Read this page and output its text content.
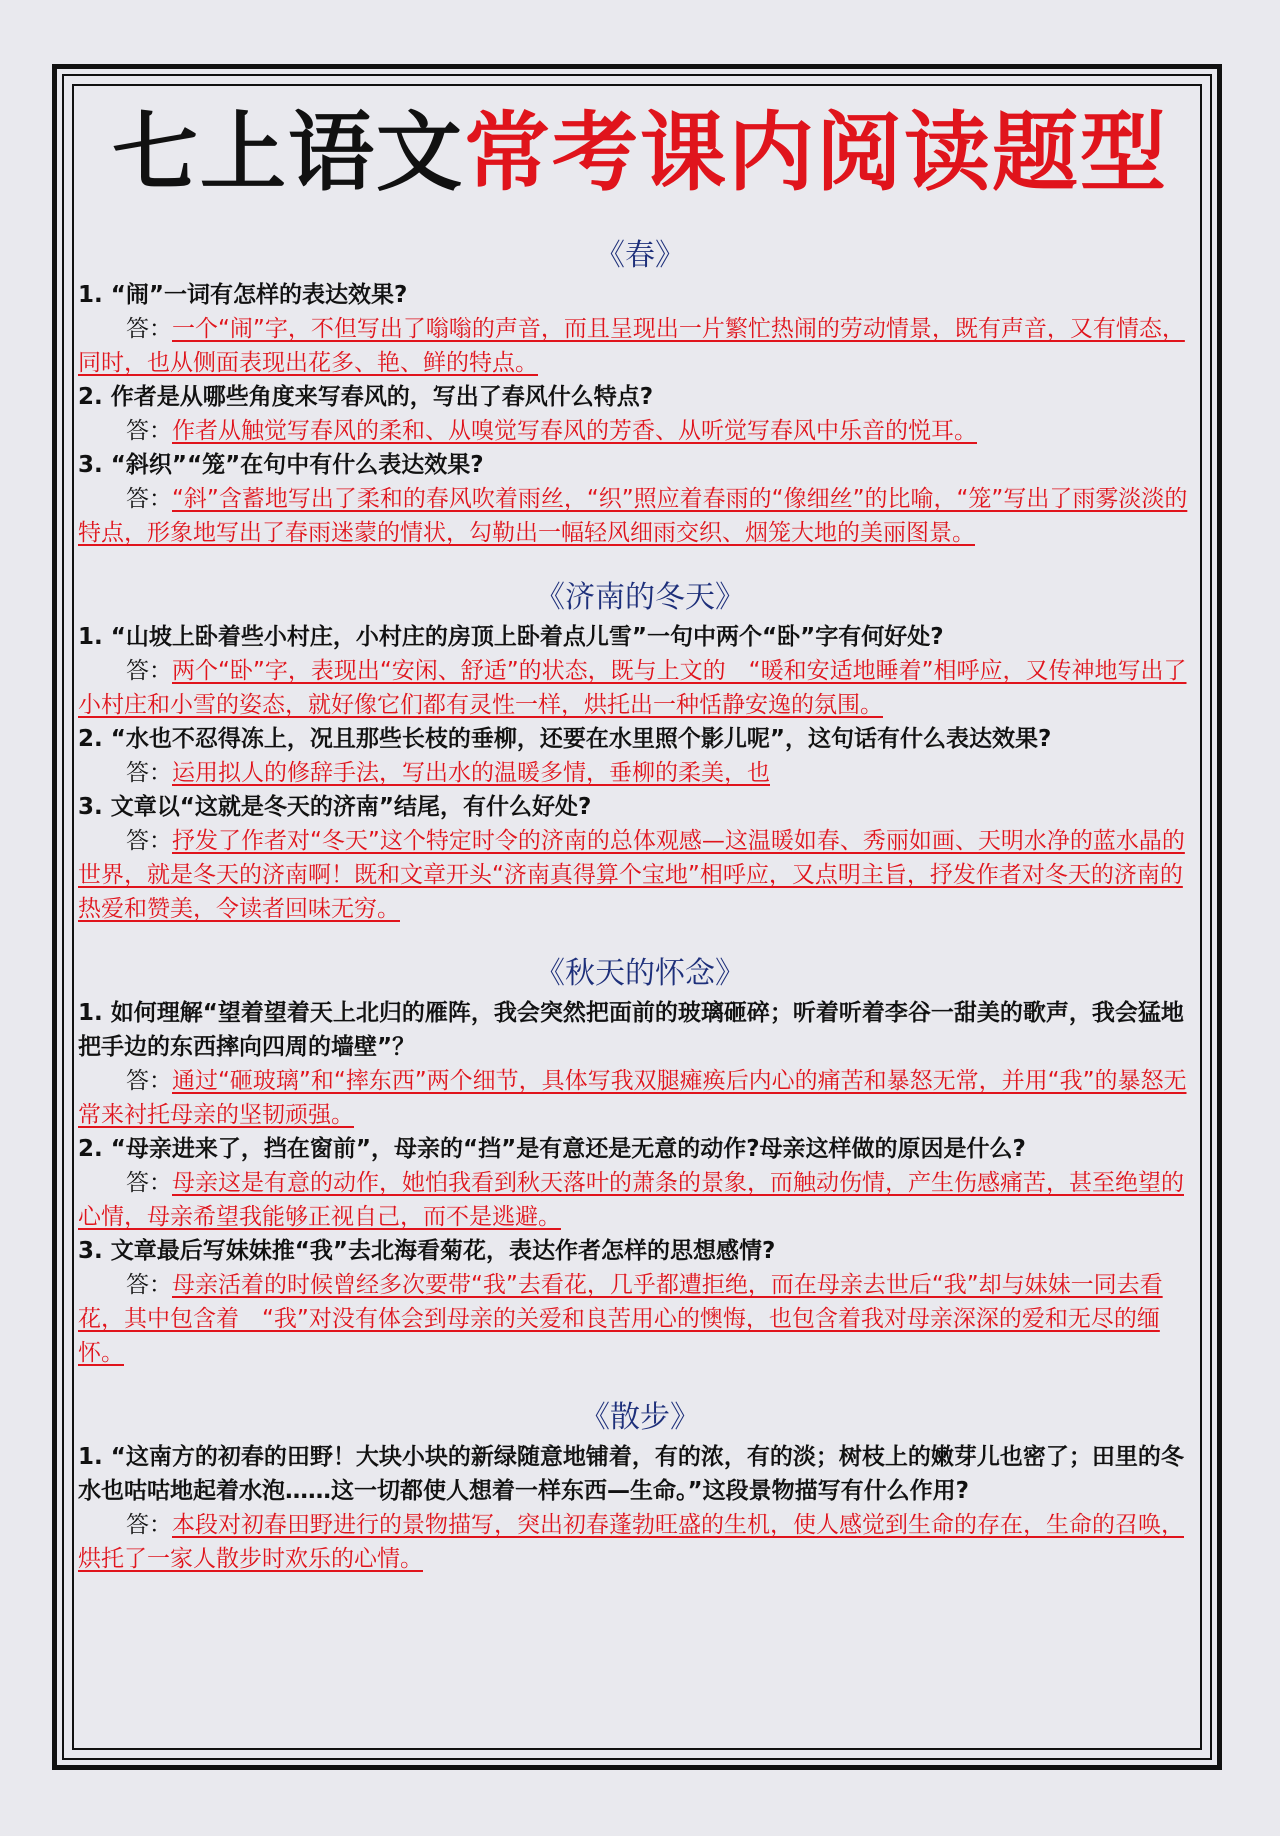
七上语文常考课内阅读题型
《春》

1. “闹”一词有怎样的表达效果?

答：一个“闹”字，不但写出了嗡嗡的声音，而且呈现出一片繁忙热闹的劳动情景，既有声音，又有情态，同时，也从侧面表现出花多、艳、鲜的特点。

2. 作者是从哪些角度来写春风的，写出了春风什么特点?

答：作者从触觉写春风的柔和、从嗅觉写春风的芳香、从听觉写春风中乐音的悦耳。

3. “斜织”“笼”在句中有什么表达效果?

答：“斜”含蓄地写出了柔和的春风吹着雨丝，“织”照应着春雨的“像细丝”的比喻，“笼”写出了雨雾淡淡的特点，形象地写出了春雨迷蒙的情状，勾勒出一幅轻风细雨交织、烟笼大地的美丽图景。

《济南的冬天》

1. “山坡上卧着些小村庄，小村庄的房顶上卧着点儿雪”一句中两个“卧”字有何好处?

答：两个“卧”字，表现出“安闲、舒适”的状态，既与上文的　“暖和安适地睡着”相呼应，又传神地写出了小村庄和小雪的姿态，就好像它们都有灵性一样，烘托出一种恬静安逸的氛围。

2. “水也不忍得冻上，况且那些长枝的垂柳，还要在水里照个影儿呢”，这句话有什么表达效果?

答：运用拟人的修辞手法，写出水的温暖多情，垂柳的柔美，也

3. 文章以“这就是冬天的济南”结尾，有什么好处?

答：抒发了作者对“冬天”这个特定时令的济南的总体观感—这温暖如春、秀丽如画、天明水净的蓝水晶的世界，就是冬天的济南啊！既和文章开头“济南真得算个宝地”相呼应，又点明主旨，抒发作者对冬天的济南的热爱和赞美，令读者回味无穷。

《秋天的怀念》

1. 如何理解“望着望着天上北归的雁阵，我会突然把面前的玻璃砸碎；听着听着李谷一甜美的歌声，我会猛地把手边的东西摔向四周的墙壁”？

答：通过“砸玻璃”和“摔东西”两个细节，具体写我双腿瘫痪后内心的痛苦和暴怒无常，并用“我”的暴怒无常来衬托母亲的坚韧顽强。

2. “母亲进来了，挡在窗前”，母亲的“挡”是有意还是无意的动作?母亲这样做的原因是什么?

答：母亲这是有意的动作，她怕我看到秋天落叶的萧条的景象，而触动伤情，产生伤感痛苦，甚至绝望的心情，母亲希望我能够正视自己，而不是逃避。

3. 文章最后写妹妹推“我”去北海看菊花，表达作者怎样的思想感情?

答：母亲活着的时候曾经多次要带“我”去看花，几乎都遭拒绝，而在母亲去世后“我”却与妹妹一同去看花，其中包含着　“我”对没有体会到母亲的关爱和良苦用心的懊悔，也包含着我对母亲深深的爱和无尽的缅怀。

《散步》

1. “这南方的初春的田野！大块小块的新绿随意地铺着，有的浓，有的淡；树枝上的嫩芽儿也密了；田里的冬水也咕咕地起着水泡……这一切都使人想着一样东西—生命。”这段景物描写有什么作用?

答：本段对初春田野进行的景物描写，突出初春蓬勃旺盛的生机，使人感觉到生命的存在，生命的召唤，烘托了一家人散步时欢乐的心情。
